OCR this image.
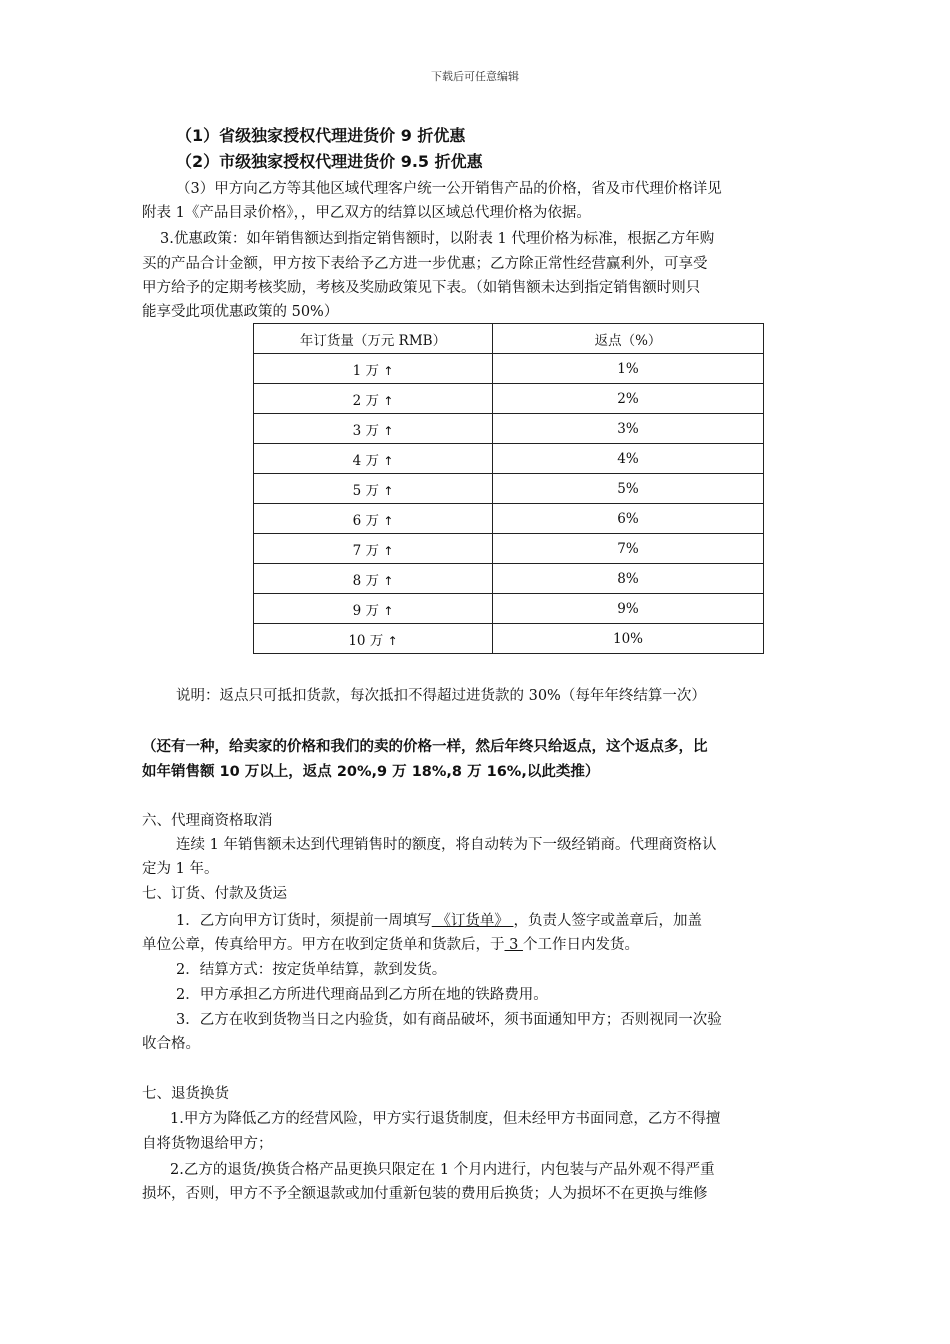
下载后可任意编辑
（1）省级独家授权代理进货价 9 折优惠
（2）市级独家授权代理进货价 9.5 折优惠
（3）甲方向乙方等其他区域代理客户统一公开销售产品的价格，省及市代理价格详见
附表 1《产品目录价格》，，甲乙双方的结算以区域总代理价格为依据。
3.优惠政策：如年销售额达到指定销售额时，以附表 1 代理价格为标准，根据乙方年购
买的产品合计金额，甲方按下表给予乙方进一步优惠；乙方除正常性经营赢利外，可享受
甲方给予的定期考核奖励，考核及奖励政策见下表。（如销售额未达到指定销售额时则只
能享受此项优惠政策的 50%）
年订货量（万元 RMB）	返点（%）
1 万 ↑	1%
2 万 ↑	2%
3 万 ↑	3%
4 万 ↑	4%
5 万 ↑	5%
6 万 ↑	6%
7 万 ↑	7%
8 万 ↑	8%
9 万 ↑	9%
10 万 ↑	10%
说明：返点只可抵扣货款，每次抵扣不得超过进货款的 30%（每年年终结算一次）
（还有一种，给卖家的价格和我们的卖的价格一样，然后年终只给返点，这个返点多，比
如年销售额 10 万以上，返点 20%,9 万 18%,8 万 16%,以此类推）
六、代理商资格取消
连续 1 年销售额未达到代理销售时的额度，将自动转为下一级经销商。代理商资格认
定为 1 年。
七、订货、付款及货运
1．乙方向甲方订货时，须提前一周填写 《订货单》 ，负责人签字或盖章后，加盖
单位公章，传真给甲方。甲方在收到定货单和货款后，于 3 个工作日内发货。
2．结算方式：按定货单结算，款到发货。
2．甲方承担乙方所进代理商品到乙方所在地的铁路费用。
3．乙方在收到货物当日之内验货，如有商品破坏，须书面通知甲方；否则视同一次验
收合格。
七、退货换货
1.甲方为降低乙方的经营风险，甲方实行退货制度，但未经甲方书面同意，乙方不得擅
自将货物退给甲方；
2.乙方的退货/换货合格产品更换只限定在 1 个月内进行，内包装与产品外观不得严重
损坏，否则，甲方不予全额退款或加付重新包装的费用后换货；人为损坏不在更换与维修
